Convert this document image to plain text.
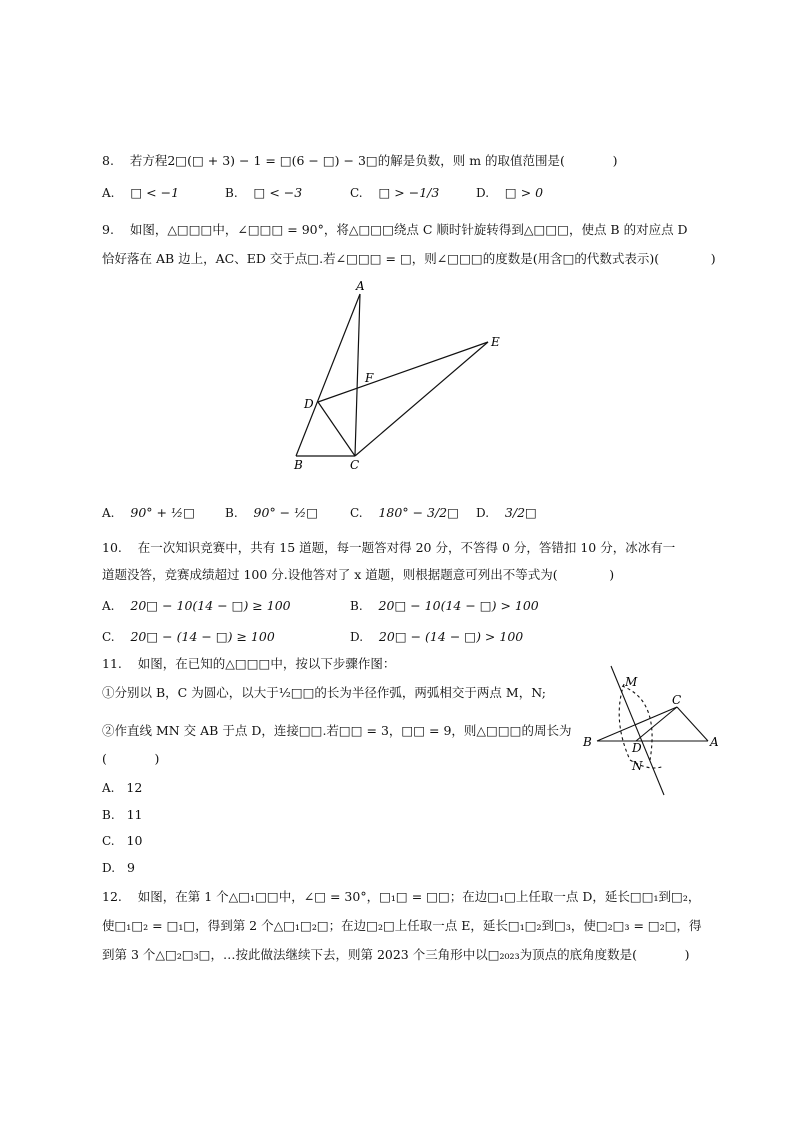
8.    若方程2□(□ + 3) − 1 = □(6 − □) − 3□的解是负数，则 m 的取值范围是(            )
A. □ < −1	B. □ < −3	C. □ > −1/3	D. □ > 0
9.    如图，△□□□中，∠□□□ = 90°，将△□□□绕点 C 顺时针旋转得到△□□□，使点 B 的对应点 D
恰好落在 AB 边上，AC、ED 交于点□.若∠□□□ = □，则∠□□□的度数是(用含□的代数式表示)(             )
A
B	C
D
E
F
M
C
B	D	A
N
A. 90° + ½□	B. 90° − ½□	C. 180° − 3/2□ D. 3/2□
10.    在一次知识竞赛中，共有 15 道题，每一题答对得 20 分，不答得 0 分，答错扣 10 分，冰冰有一
道题没答，竞赛成绩超过 100 分.设他答对了 x 道题，则根据题意可列出不等式为(             )
A. 20□ − 10(14 − □) ≥ 100	B. 20□ − 10(14 − □) > 100
C. 20□ − (14 − □) ≥ 100	D. 20□ − (14 − □) > 100
11.    如图，在已知的△□□□中，按以下步骤作图：
①分别以 B，C 为圆心，以大于½□□的长为半径作弧，两弧相交于两点 M，N;
②作直线 MN 交 AB 于点 D，连接□□.若□□ = 3，□□ = 9，则△□□□的周长为
(            )
A. 12
B. 11
C. 10
D. 9
12.    如图，在第 1 个△□₁□□中，∠□ = 30°，□₁□ = □□；在边□₁□上任取一点 D，延长□□₁到□₂，
使□₁□₂ = □₁□，得到第 2 个△□₁□₂□；在边□₂□上任取一点 E，延长□₁□₂到□₃，使□₂□₃ = □₂□，得
到第 3 个△□₂□₃□，…按此做法继续下去，则第 2023 个三角形中以□₂₀₂₃为顶点的底角度数是(            )
